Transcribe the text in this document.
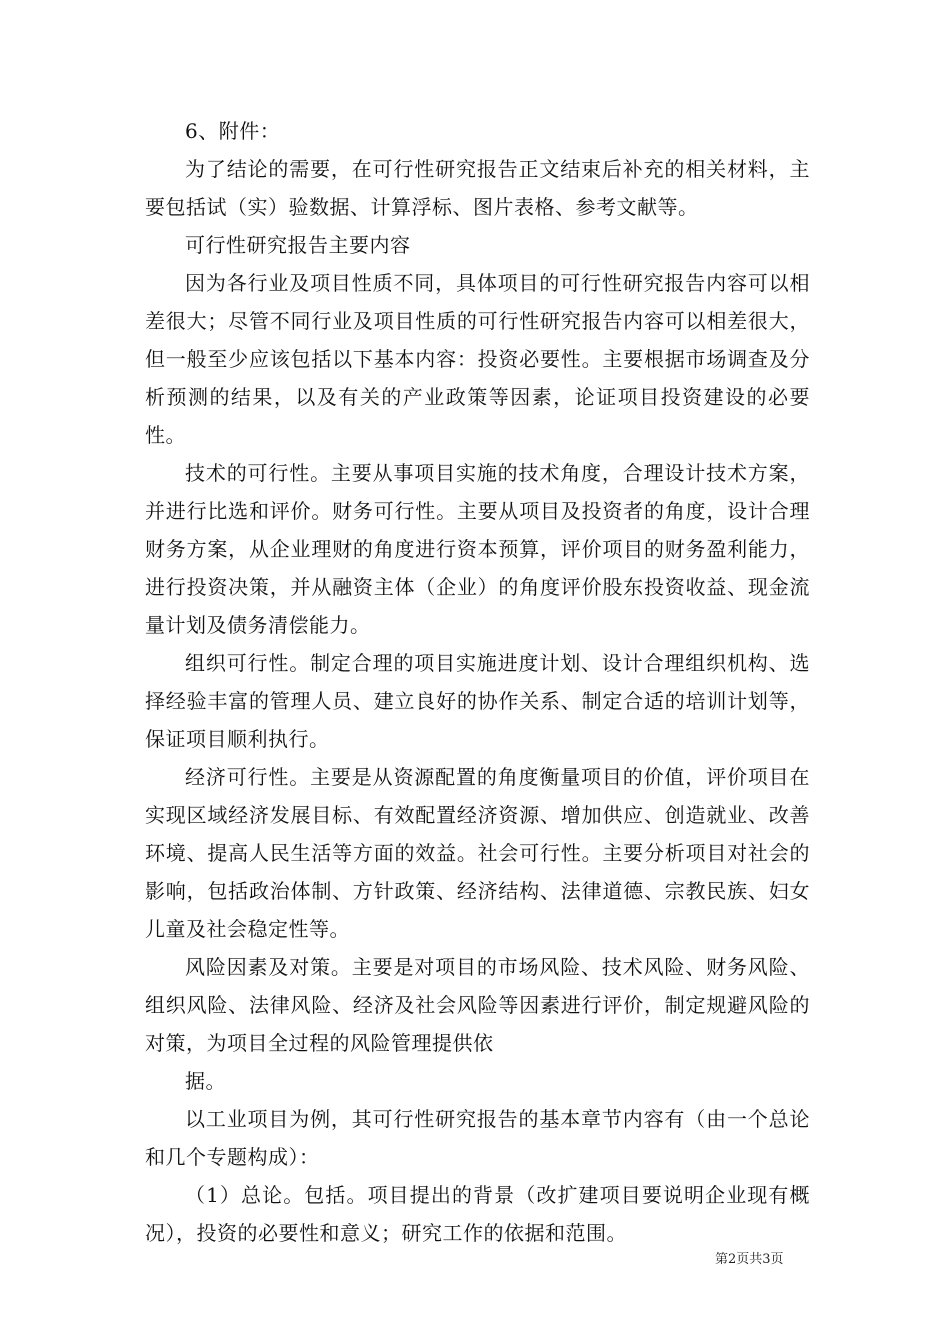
6、附件：

为了结论的需要，在可行性研究报告正文结束后补充的相关材料，主要包括试（实）验数据、计算浮标、图片表格、参考文献等。

可行性研究报告主要内容

因为各行业及项目性质不同，具体项目的可行性研究报告内容可以相差很大；尽管不同行业及项目性质的可行性研究报告内容可以相差很大，但一般至少应该包括以下基本内容：投资必要性。主要根据市场调查及分析预测的结果，以及有关的产业政策等因素，论证项目投资建设的必要性。

技术的可行性。主要从事项目实施的技术角度，合理设计技术方案，并进行比选和评价。财务可行性。主要从项目及投资者的角度，设计合理财务方案，从企业理财的角度进行资本预算，评价项目的财务盈利能力，进行投资决策，并从融资主体（企业）的角度评价股东投资收益、现金流量计划及债务清偿能力。

组织可行性。制定合理的项目实施进度计划、设计合理组织机构、选择经验丰富的管理人员、建立良好的协作关系、制定合适的培训计划等，保证项目顺利执行。

经济可行性。主要是从资源配置的角度衡量项目的价值，评价项目在实现区域经济发展目标、有效配置经济资源、增加供应、创造就业、改善环境、提高人民生活等方面的效益。社会可行性。主要分析项目对社会的影响，包括政治体制、方针政策、经济结构、法律道德、宗教民族、妇女儿童及社会稳定性等。

风险因素及对策。主要是对项目的市场风险、技术风险、财务风险、组织风险、法律风险、经济及社会风险等因素进行评价，制定规避风险的对策，为项目全过程的风险管理提供依

据。

以工业项目为例，其可行性研究报告的基本章节内容有（由一个总论和几个专题构成）：

（1）总论。包括。项目提出的背景（改扩建项目要说明企业现有概况），投资的必要性和意义；研究工作的依据和范围。

第2页共3页
